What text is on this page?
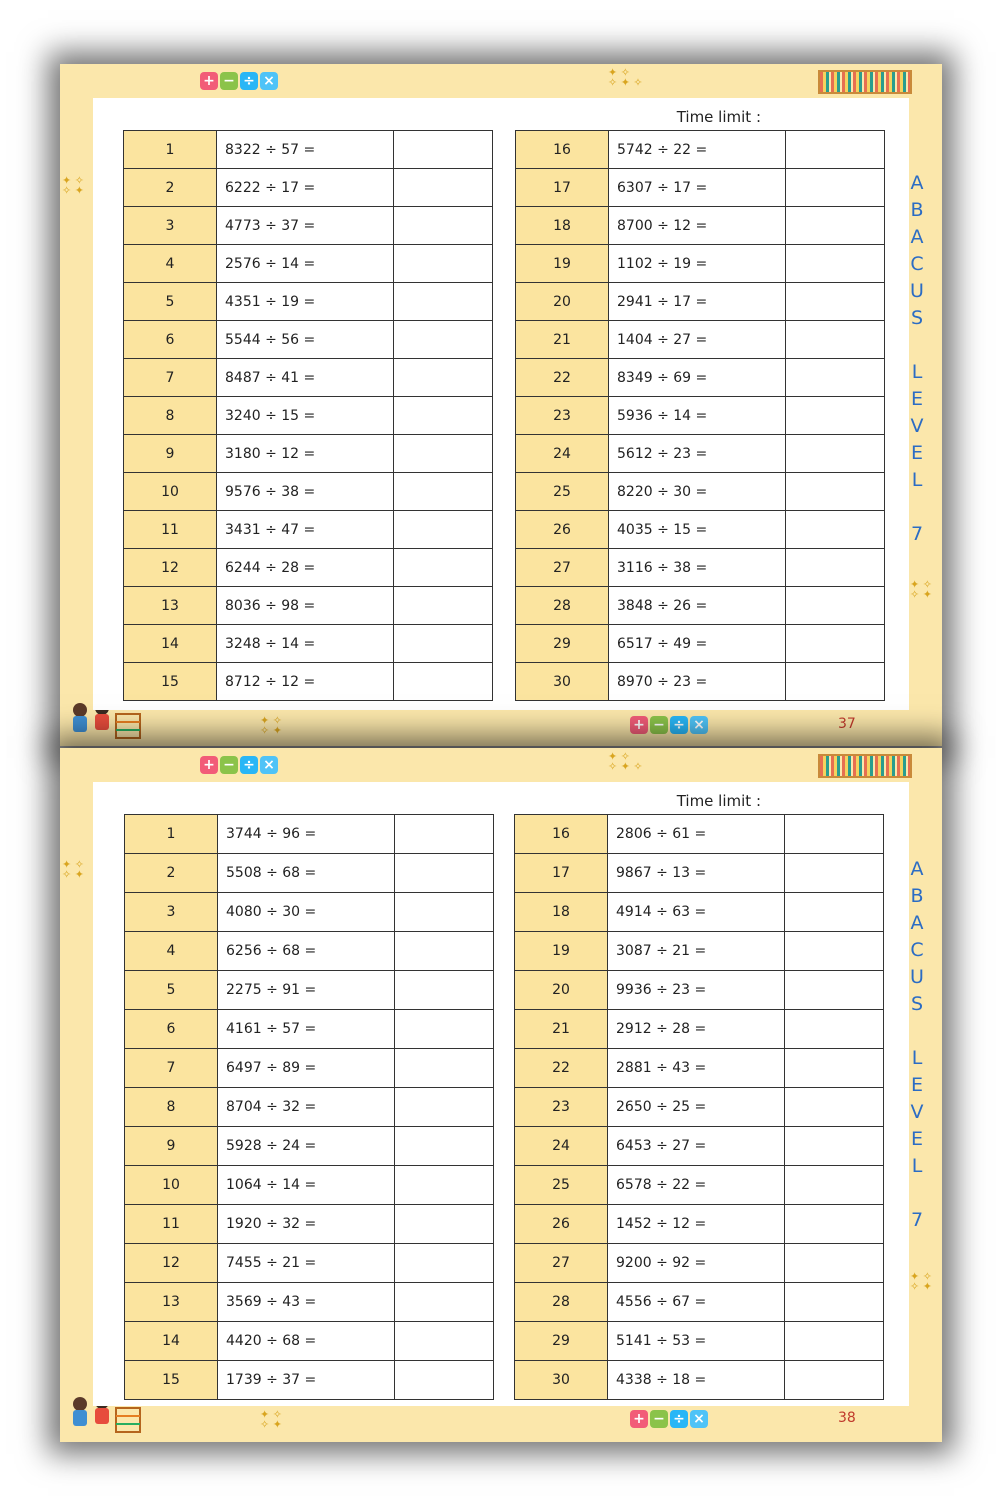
+ − ÷ ×
✦ ✧
✧ ✦ ✧
✦ ✧
✧ ✦
✦ ✧
✧ ✦
✦ ✧
✧ ✦	+ − ÷ ×	37
Time limit :
1	8322 ÷ 57 =	
2	6222 ÷ 17 =	
3	4773 ÷ 37 =	
4	2576 ÷ 14 =	
5	4351 ÷ 19 =	
6	5544 ÷ 56 =	
7	8487 ÷ 41 =	
8	3240 ÷ 15 =	
9	3180 ÷ 12 =	
10	9576 ÷ 38 =	
11	3431 ÷ 47 =	
12	6244 ÷ 28 =	
13	8036 ÷ 98 =	
14	3248 ÷ 14 =	
15	8712 ÷ 12 =	
16	5742 ÷ 22 =	
17	6307 ÷ 17 =	
18	8700 ÷ 12 =	
19	1102 ÷ 19 =	
20	2941 ÷ 17 =	
21	1404 ÷ 27 =	
22	8349 ÷ 69 =	
23	5936 ÷ 14 =	
24	5612 ÷ 23 =	
25	8220 ÷ 30 =	
26	4035 ÷ 15 =	
27	3116 ÷ 38 =	
28	3848 ÷ 26 =	
29	6517 ÷ 49 =	
30	8970 ÷ 23 =	
A
B
A
C
U
S

L
E
V
E
L

7
+ − ÷ ×
✦ ✧
✧ ✦ ✧
✦ ✧
✧ ✦
✦ ✧
✧ ✦
✦ ✧
✧ ✦	+ − ÷ ×	38
Time limit :
1	3744 ÷ 96 =	
2	5508 ÷ 68 =	
3	4080 ÷ 30 =	
4	6256 ÷ 68 =	
5	2275 ÷ 91 =	
6	4161 ÷ 57 =	
7	6497 ÷ 89 =	
8	8704 ÷ 32 =	
9	5928 ÷ 24 =	
10	1064 ÷ 14 =	
11	1920 ÷ 32 =	
12	7455 ÷ 21 =	
13	3569 ÷ 43 =	
14	4420 ÷ 68 =	
15	1739 ÷ 37 =	
16	2806 ÷ 61 =	
17	9867 ÷ 13 =	
18	4914 ÷ 63 =	
19	3087 ÷ 21 =	
20	9936 ÷ 23 =	
21	2912 ÷ 28 =	
22	2881 ÷ 43 =	
23	2650 ÷ 25 =	
24	6453 ÷ 27 =	
25	6578 ÷ 22 =	
26	1452 ÷ 12 =	
27	9200 ÷ 92 =	
28	4556 ÷ 67 =	
29	5141 ÷ 53 =	
30	4338 ÷ 18 =	
A
B
A
C
U
S

L
E
V
E
L

7
